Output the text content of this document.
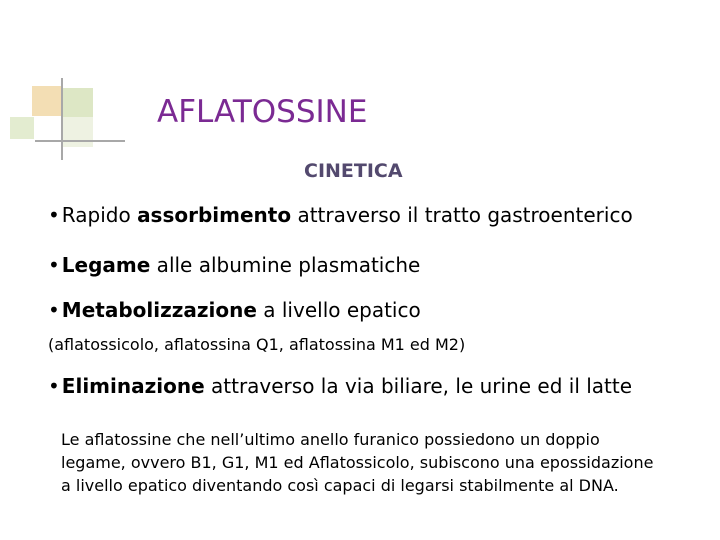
AFLATOSSINE
CINETICA
• Rapido assorbimento attraverso il tratto gastroenterico
• Legame alle albumine plasmatiche
• Metabolizzazione a livello epatico
(aflatossicolo, aflatossina Q1, aflatossina M1 ed M2)
• Eliminazione attraverso la via biliare, le urine ed il latte
Le aflatossine che nell’ultimo anello furanico possiedono un doppio legame, ovvero B1, G1, M1 ed Aflatossicolo, subiscono una epossidazione a livello epatico diventando così capaci di legarsi stabilmente al DNA.
